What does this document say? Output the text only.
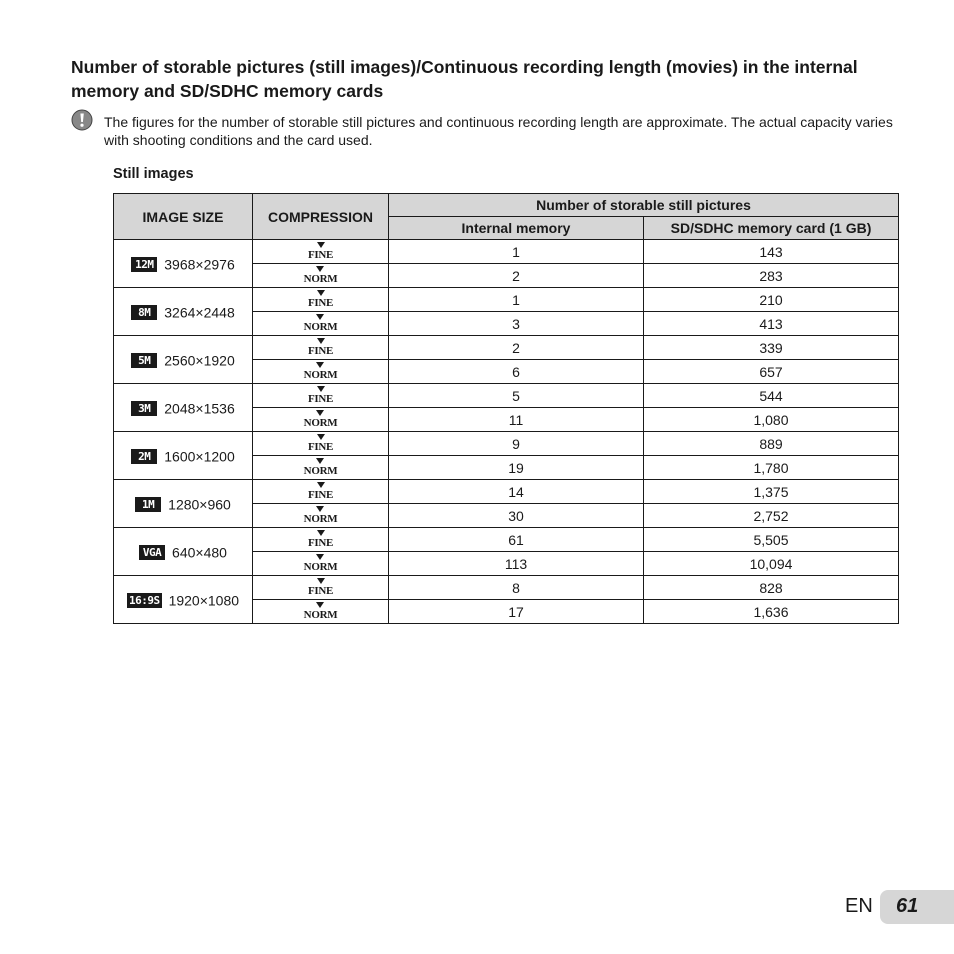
Number of storable pictures (still images)/Continuous recording length (movies) in the internal memory and SD/SDHC memory cards

The figures for the number of storable still pictures and continuous recording length are approximate. The actual capacity varies with shooting conditions and the card used.

Still images
IMAGE SIZE	COMPRESSION	Number of storable still pictures	
		Internal memory	SD/SDHC memory card (1 GB)
12M 3968×2976	FINE	1	143

NORM	2	283
8M 3264×2448	FINE	1	210

NORM	3	413
5M 2560×1920	FINE	2	339

NORM	6	657
3M 2048×1536	FINE	5	544

NORM	11	1,080
2M 1600×1200	FINE	9	889

NORM	19	1,780
1M 1280×960	FINE	14	1,375

NORM	30	2,752
VGA 640×480	FINE	61	5,505

NORM	113	10,094
16:9S 1920×1080	FINE	8	828

NORM	17	1,636
EN 61
